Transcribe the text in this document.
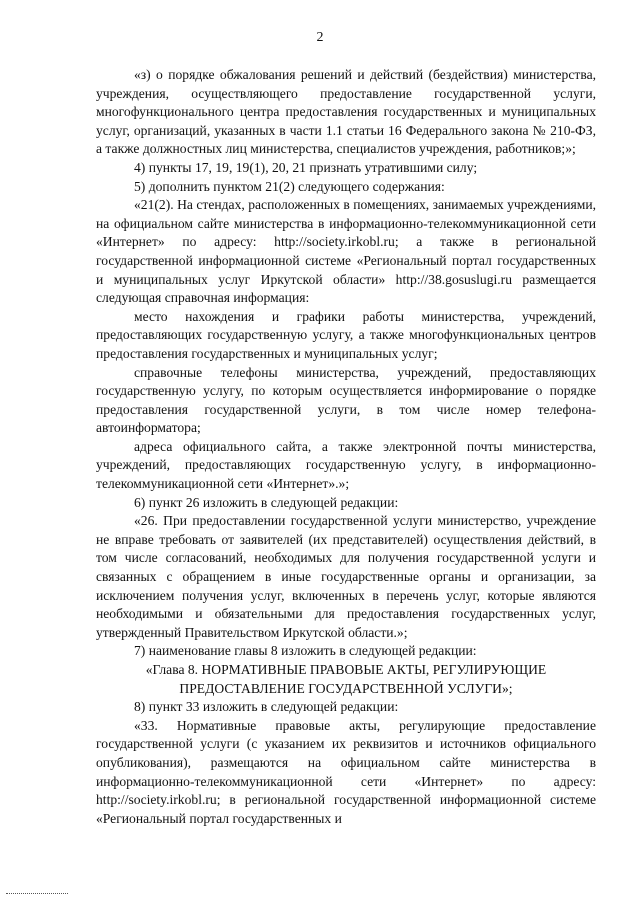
2

«з) о порядке обжалования решений и действий (бездействия) министерства, учреждения, осуществляющего предоставление государственной услуги, многофункционального центра предоставления государственных и муниципальных услуг, организаций, указанных в части 1.1 статьи 16 Федерального закона № 210-ФЗ, а также должностных лиц министерства, специалистов учреждения, работников;»;

4) пункты 17, 19, 19(1), 20, 21 признать утратившими силу;

5) дополнить пунктом 21(2) следующего содержания:

«21(2). На стендах, расположенных в помещениях, занимаемых учреждениями, на официальном сайте министерства в информационно-телекоммуникационной сети «Интернет» по адресу: http://society.irkobl.ru; а также в региональной государственной информационной системе «Региональный портал государственных и муниципальных услуг Иркутской области» http://38.gosuslugi.ru размещается следующая справочная информация:

место нахождения и графики работы министерства, учреждений, предоставляющих государственную услугу, а также многофункциональных центров предоставления государственных и муниципальных услуг;

справочные телефоны министерства, учреждений, предоставляющих государственную услугу, по которым осуществляется информирование о порядке предоставления государственной услуги, в том числе номер телефона-автоинформатора;

адреса официального сайта, а также электронной почты министерства, учреждений, предоставляющих государственную услугу, в информационно-телекоммуникационной сети «Интернет».»;

6) пункт 26 изложить в следующей редакции:

«26. При предоставлении государственной услуги министерство, учреждение не вправе требовать от заявителей (их представителей) осуществления действий, в том числе согласований, необходимых для получения государственной услуги и связанных с обращением в иные государственные органы и организации, за исключением получения услуг, включенных в перечень услуг, которые являются необходимыми и обязательными для предоставления государственных услуг, утвержденный Правительством Иркутской области.»;

7) наименование главы 8 изложить в следующей редакции:

«Глава 8. НОРМАТИВНЫЕ ПРАВОВЫЕ АКТЫ, РЕГУЛИРУЮЩИЕ ПРЕДОСТАВЛЕНИЕ ГОСУДАРСТВЕННОЙ УСЛУГИ»;

8) пункт 33 изложить в следующей редакции:

«33. Нормативные правовые акты, регулирующие предоставление государственной услуги (с указанием их реквизитов и источников официального опубликования), размещаются на официальном сайте министерства в информационно-телекоммуникационной сети «Интернет» по адресу: http://society.irkobl.ru; в региональной государственной информационной системе «Региональный портал государственных и
